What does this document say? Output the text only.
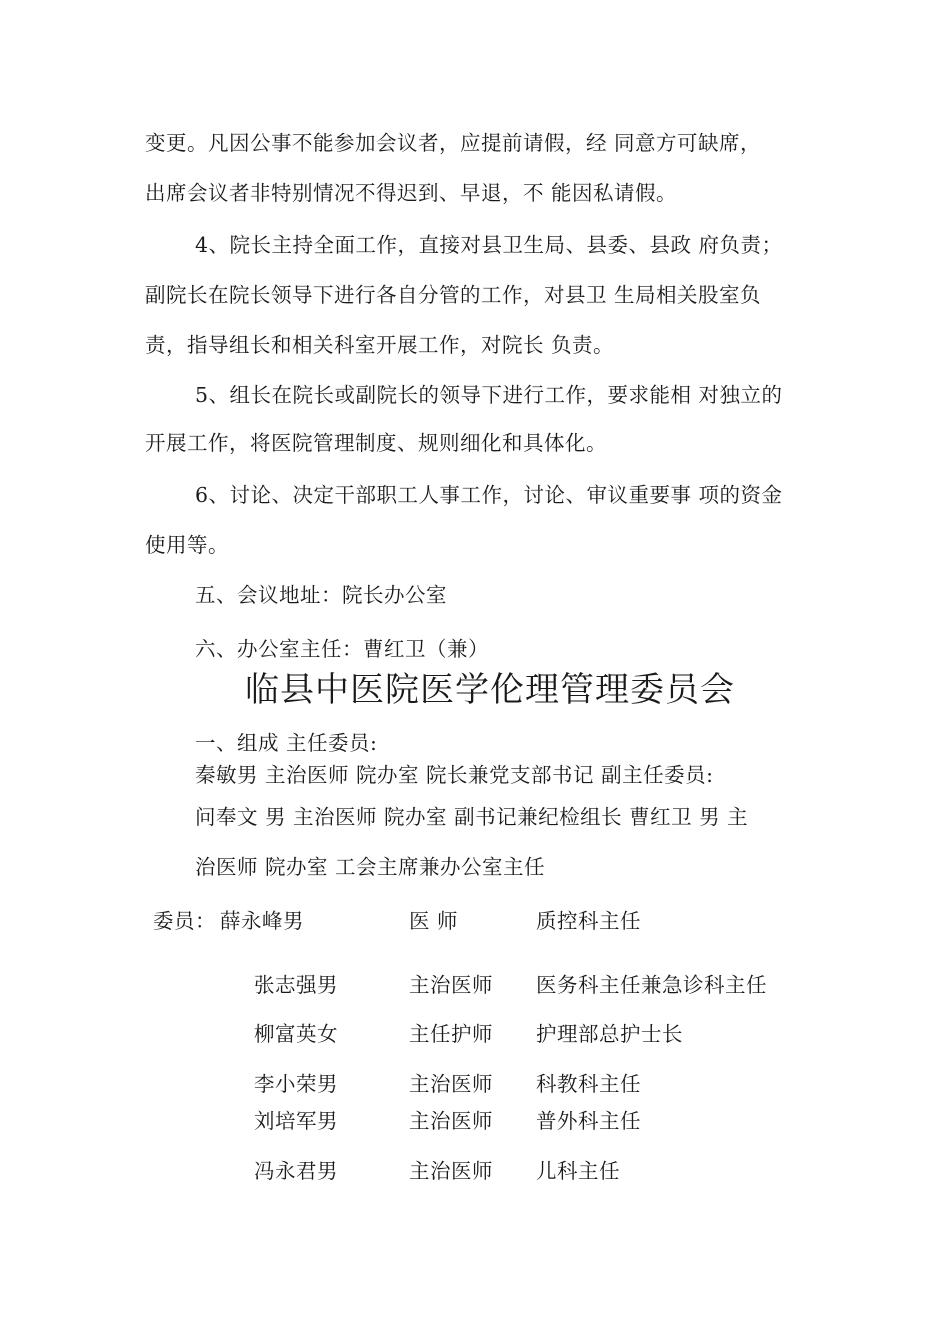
变更。凡因公事不能参加会议者，应提前请假，经 同意方可缺席，
出席会议者非特别情况不得迟到、早退，不 能因私请假。
4、院长主持全面工作，直接对县卫生局、县委、县政 府负责；
副院长在院长领导下进行各自分管的工作，对县卫 生局相关股室负
责，指导组长和相关科室开展工作，对院长 负责。
5、组长在院长或副院长的领导下进行工作，要求能相 对独立的
开展工作，将医院管理制度、规则细化和具体化。
6、讨论、决定干部职工人事工作，讨论、审议重要事 项的资金
使用等。
五、会议地址：院长办公室
六、办公室主任：曹红卫（兼）
临县中医院医学伦理管理委员会
一、组成 主任委员:
秦敏男 主治医师 院办室 院长兼党支部书记 副主任委员:
问奉文 男 主治医师 院办室 副书记兼纪检组长 曹红卫 男 主
治医师 院办室 工会主席兼办公室主任
委员： 薛永峰男	医 师	质控科主任
张志强男	主治医师 医务科主任兼急诊科主任
柳富英女	主任护师 护理部总护士长
李小荣男	主治医师 科教科主任
刘培军男	主治医师 普外科主任
冯永君男	主治医师 儿科主任
